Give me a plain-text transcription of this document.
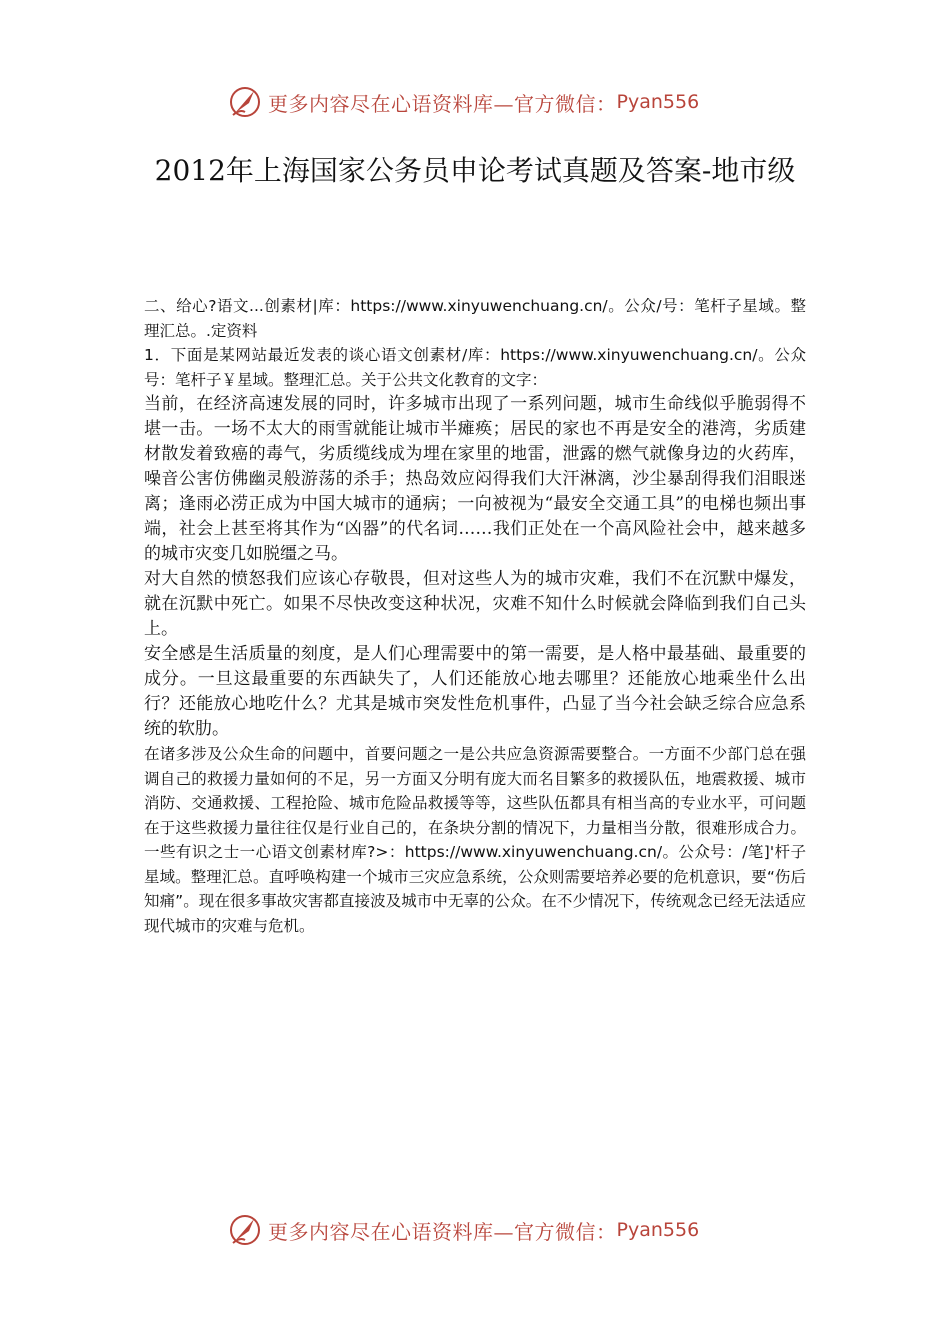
更多内容尽在心语资料库—官方微信： Pyan556
2012年上海国家公务员申论考试真题及答案-地市级

二、给心?语文...创素材|库：https://www.xinyuwenchuang.cn/。公众/号：笔杆子星域。整理汇总。.定资料

1．下面是某网站最近发表的谈心语文创素材/库：https://www.xinyuwenchuang.cn/。公众号：笔杆子￥星域。整理汇总。关于公共文化教育的文字：

当前，在经济高速发展的同时，许多城市出现了一系列问题，城市生命线似乎脆弱得不堪一击。一场不太大的雨雪就能让城市半瘫痪；居民的家也不再是安全的港湾，劣质建材散发着致癌的毒气，劣质缆线成为埋在家里的地雷，泄露的燃气就像身边的火药库，噪音公害仿佛幽灵般游荡的杀手；热岛效应闷得我们大汗淋漓，沙尘暴刮得我们泪眼迷离；逢雨必涝正成为中国大城市的通病；一向被视为“最安全交通工具”的电梯也频出事端，社会上甚至将其作为“凶器”的代名词……我们正处在一个高风险社会中，越来越多的城市灾变几如脱缰之马。

对大自然的愤怒我们应该心存敬畏，但对这些人为的城市灾难，我们不在沉默中爆发，就在沉默中死亡。如果不尽快改变这种状况，灾难不知什么时候就会降临到我们自己头上。

安全感是生活质量的刻度，是人们心理需要中的第一需要，是人格中最基础、最重要的成分。一旦这最重要的东西缺失了，人们还能放心地去哪里？还能放心地乘坐什么出行？还能放心地吃什么？尤其是城市突发性危机事件，凸显了当今社会缺乏综合应急系统的软肋。

在诸多涉及公众生命的问题中，首要问题之一是公共应急资源需要整合。一方面不少部门总在强调自己的救援力量如何的不足，另一方面又分明有庞大而名目繁多的救援队伍，地震救援、城市消防、交通救援、工程抢险、城市危险品救援等等，这些队伍都具有相当高的专业水平，可问题在于这些救援力量往往仅是行业自己的，在条块分割的情况下，力量相当分散，很难形成合力。一些有识之士一心语文创素材库?>：https://www.xinyuwenchuang.cn/。公众号：/笔]'杆子星域。整理汇总。直呼唤构建一个城市三灾应急系统，公众则需要培养必要的危机意识，要“伤后知痛”。现在很多事故灾害都直接波及城市中无辜的公众。在不少情况下，传统观念已经无法适应现代城市的灾难与危机。

更多内容尽在心语资料库—官方微信： Pyan556
